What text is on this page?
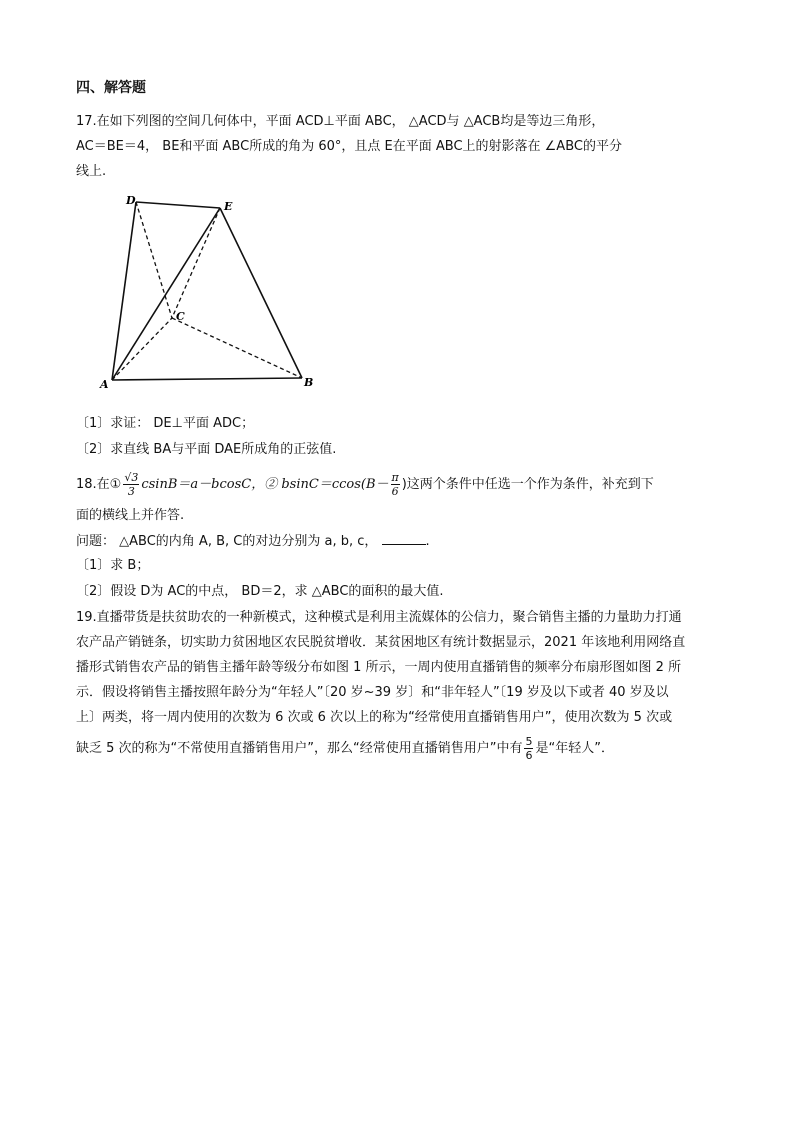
四、解答题
17.在如下列图的空间几何体中，平面 ACD⊥平面 ABC， △ACD与 △ACB均是等边三角形，
AC＝BE＝4， BE和平面 ABC所成的角为 60°，且点 E在平面 ABC上的射影落在 ∠ABC的平分
线上.
D	E
C
A	B
〔1〕求证： DE⊥平面 ADC；
〔2〕求直线 BA与平面 DAE所成角的正弦值.
18.在① $\frac{√3}{3} csinB=a-bcosC$，② $bsinC=ccos(B- \frac{\pi}{6}$ )这两个条件中任选一个作为条件，补充到下
面的横线上并作答.
问题： △ABC的内角 A, B, C的对边分别为 a, b, c，	.
〔1〕求 B；
〔2〕假设 D为 AC的中点， BD＝2，求 △ABC的面积的最大值.
19.直播带货是扶贫助农的一种新模式，这种模式是利用主流媒体的公信力，聚合销售主播的力量助力打通
农产品产销链条，切实助力贫困地区农民脱贫增收．某贫困地区有统计数据显示，2021 年该地利用网络直
播形式销售农产品的销售主播年龄等级分布如图 1 所示，一周内使用直播销售的频率分布扇形图如图 2 所
示．假设将销售主播按照年龄分为“年轻人”〔20 岁~39 岁〕和“非年轻人”〔19 岁及以下或者 40 岁及以
上〕两类，将一周内使用的次数为 6 次或 6 次以上的称为“经常使用直播销售用户”，使用次数为 5 次或
缺乏 5 次的称为“不常使用直播销售用户”，那么“经常使用直播销售用户”中有 $\frac{5}{6}$ 是“年轻人”．
